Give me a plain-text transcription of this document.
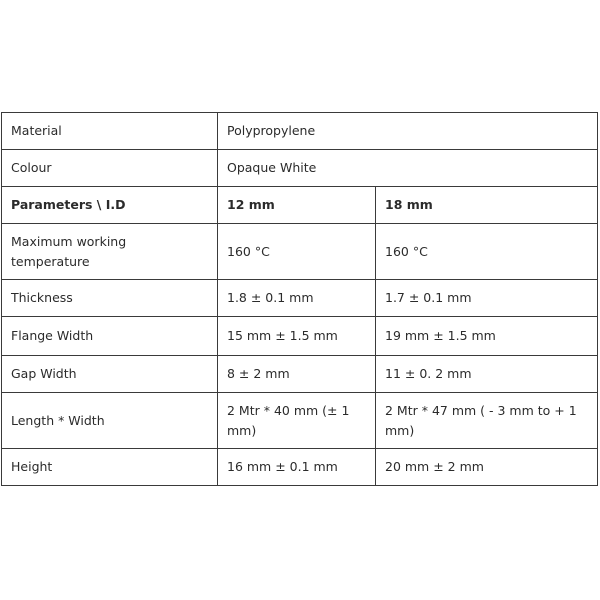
Material	Polypropylene	
Colour	Opaque White	
Parameters \ I.D	12 mm	18 mm
Maximum working temperature	160 °C	160 °C
Thickness	1.8 ± 0.1 mm	1.7 ± 0.1 mm
Flange Width	15 mm ± 1.5 mm	19 mm ± 1.5 mm
Gap Width	8 ± 2 mm	11 ± 0. 2 mm
Length * Width	2 Mtr * 40 mm (± 1 mm)	2 Mtr * 47 mm ( - 3 mm to + 1 mm)
Height	16 mm ± 0.1 mm	20 mm ± 2 mm
